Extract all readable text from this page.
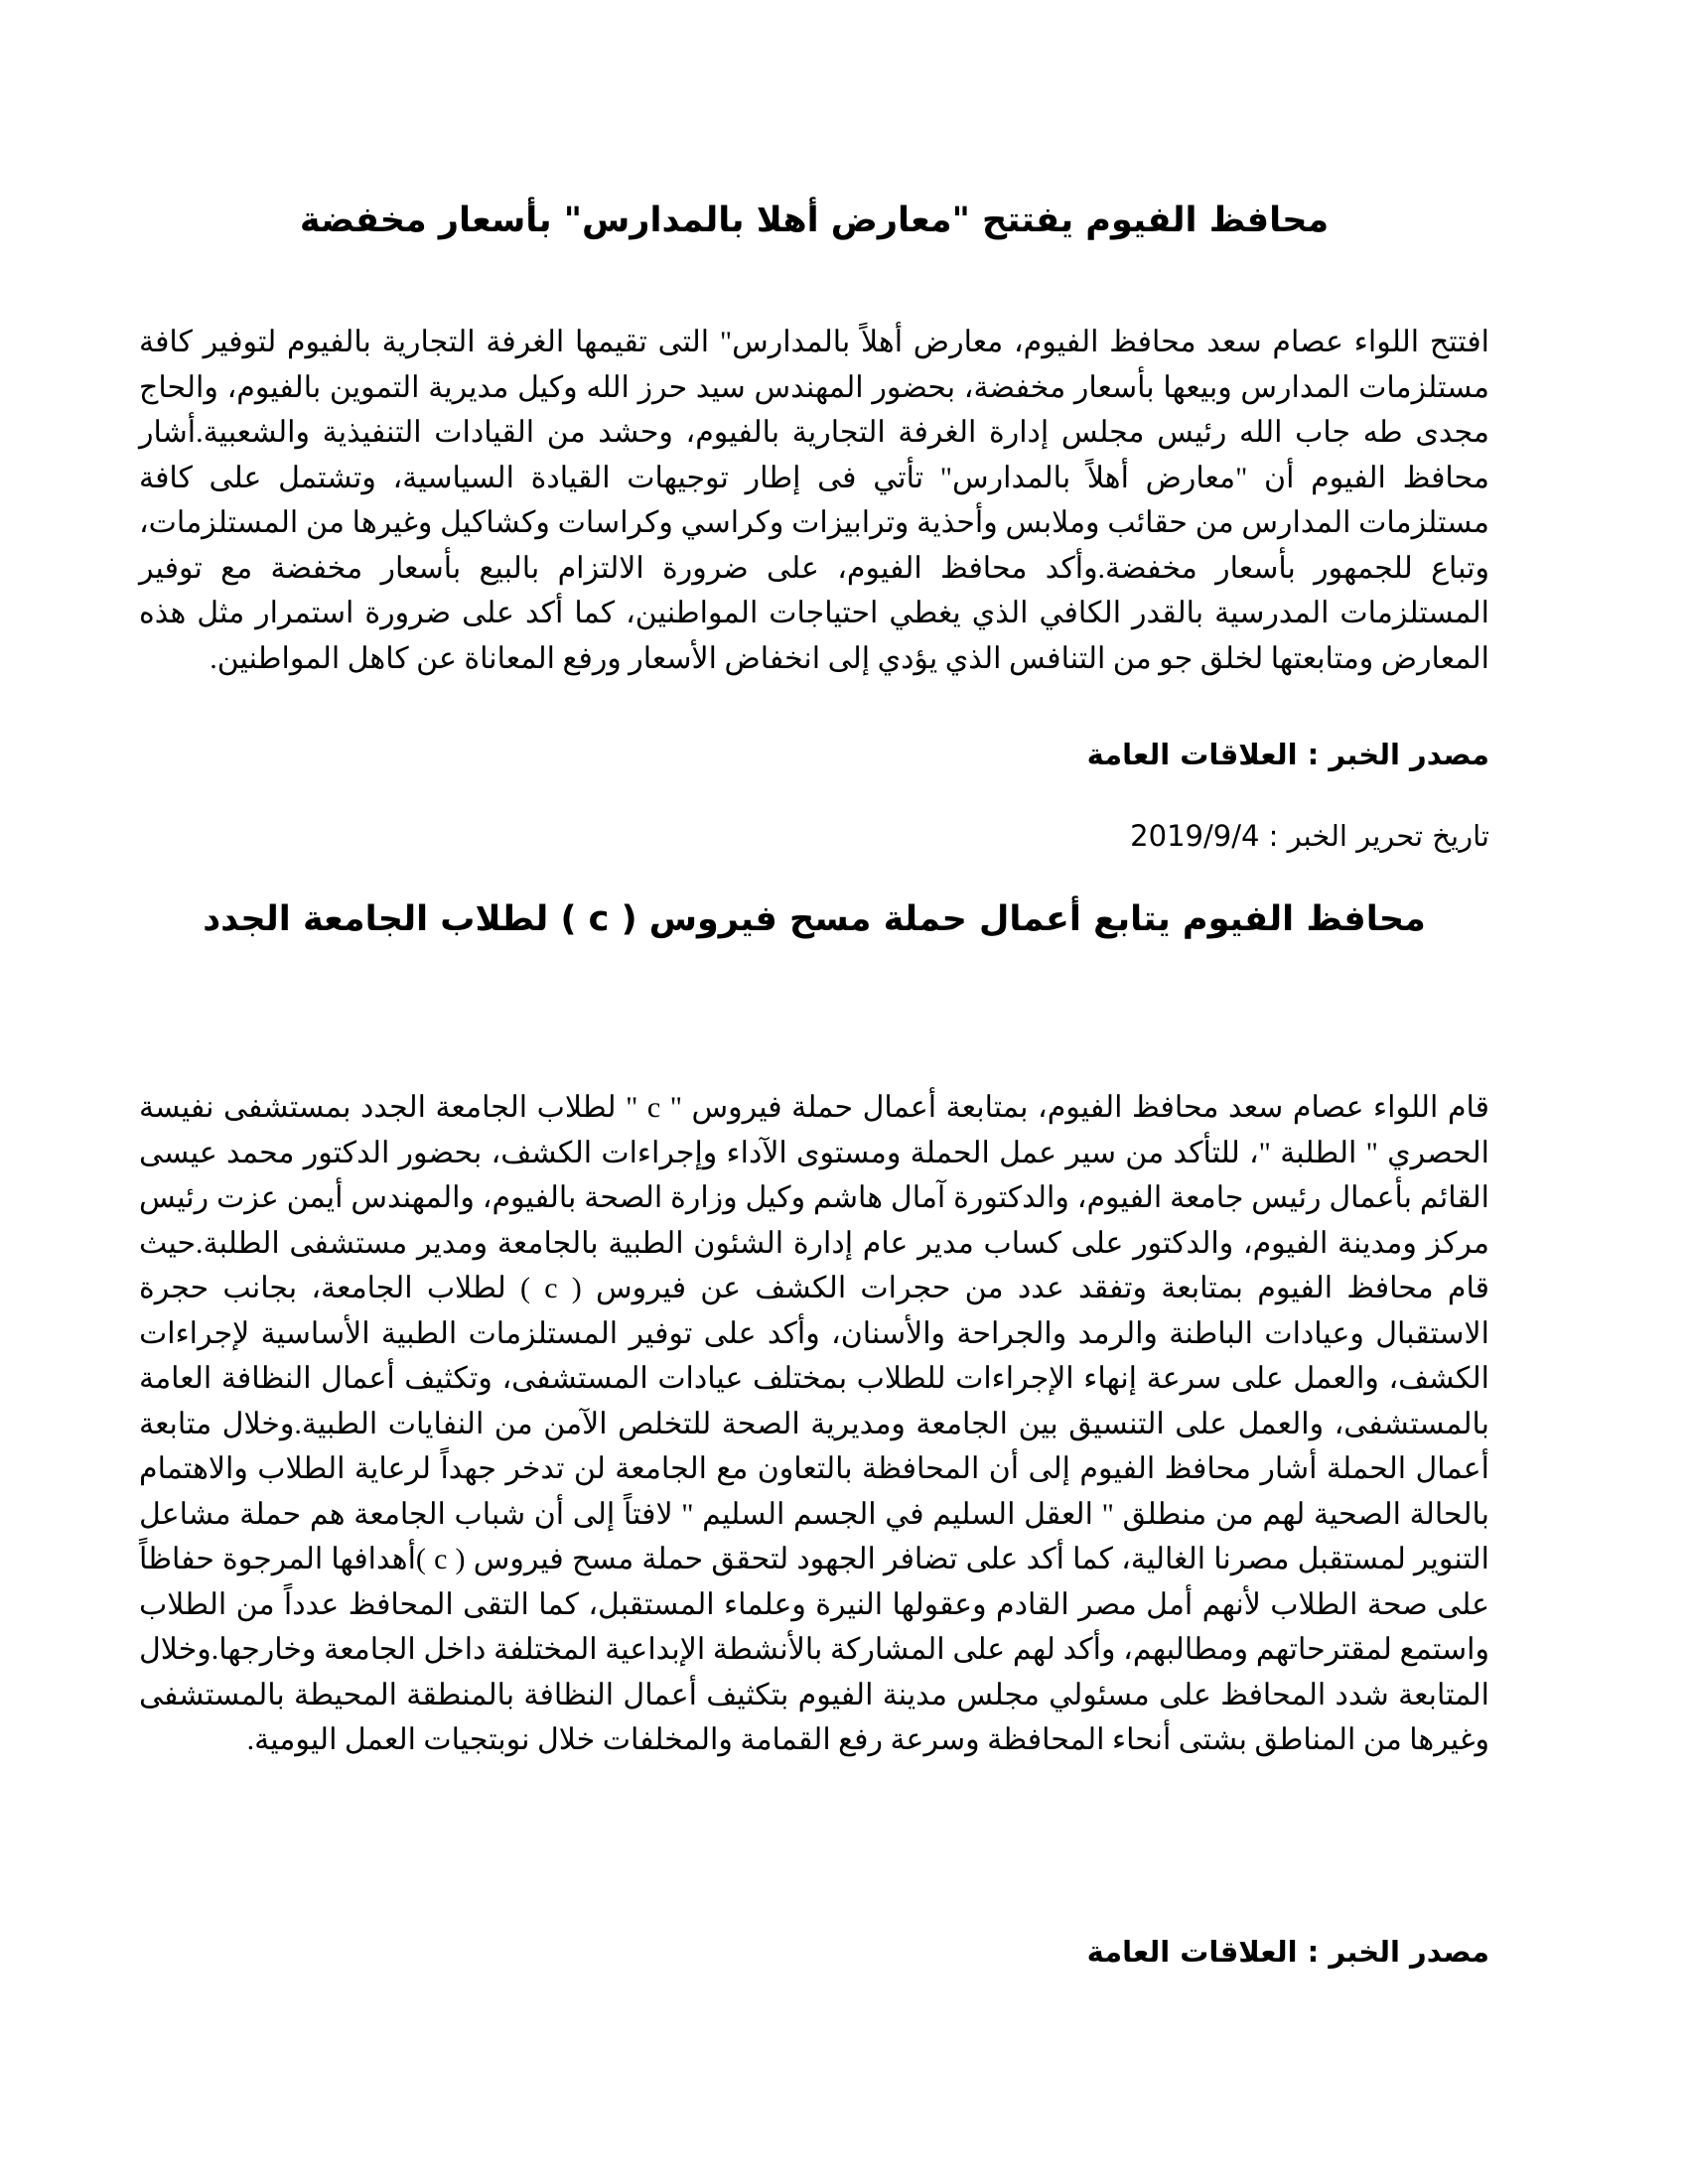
محافظ الفيوم يفتتح "معارض أهلا بالمدارس" بأسعار مخفضة

افتتح اللواء عصام سعد محافظ الفيوم، معارض أهلاً بالمدارس" التى تقيمها الغرفة التجارية بالفيوم لتوفير كافة مستلزمات المدارس وبيعها بأسعار مخفضة، بحضور المهندس سيد حرز الله وكيل مديرية التموين بالفيوم، والحاج مجدى طه جاب الله رئيس مجلس إدارة الغرفة التجارية بالفيوم، وحشد من القيادات التنفيذية والشعبية.أشار محافظ الفيوم أن "معارض أهلاً بالمدارس" تأتي فى إطار توجيهات القيادة السياسية، وتشتمل على كافة مستلزمات المدارس من حقائب وملابس وأحذية وترابيزات وكراسي وكراسات وكشاكيل وغيرها من المستلزمات، وتباع للجمهور بأسعار مخفضة.وأكد محافظ الفيوم، على ضرورة الالتزام بالبيع بأسعار مخفضة مع توفير المستلزمات المدرسية بالقدر الكافي الذي يغطي احتياجات المواطنين، كما أكد على ضرورة استمرار مثل هذه المعارض ومتابعتها لخلق جو من التنافس الذي يؤدي إلى انخفاض الأسعار ورفع المعاناة عن كاهل المواطنين.

مصدر الخبر : العلاقات العامة

تاريخ تحرير الخبر : 2019/9/4

محافظ الفيوم يتابع أعمال حملة مسح فيروس ( c ) لطلاب الجامعة الجدد

قام اللواء عصام سعد محافظ الفيوم، بمتابعة أعمال حملة فيروس " c " لطلاب الجامعة الجدد بمستشفى نفيسة الحصري " الطلبة "، للتأكد من سير عمل الحملة ومستوى الآداء وإجراءات الكشف، بحضور الدكتور محمد عيسى القائم بأعمال رئيس جامعة الفيوم، والدكتورة آمال هاشم وكيل وزارة الصحة بالفيوم، والمهندس أيمن عزت رئيس مركز ومدينة الفيوم، والدكتور على كساب مدير عام إدارة الشئون الطبية بالجامعة ومدير مستشفى الطلبة.حيث قام محافظ الفيوم بمتابعة وتفقد عدد من حجرات الكشف عن فيروس ( c ) لطلاب الجامعة، بجانب حجرة الاستقبال وعيادات الباطنة والرمد والجراحة والأسنان، وأكد على توفير المستلزمات الطبية الأساسية لإجراءات الكشف، والعمل على سرعة إنهاء الإجراءات للطلاب بمختلف عيادات المستشفى، وتكثيف أعمال النظافة العامة بالمستشفى، والعمل على التنسيق بين الجامعة ومديرية الصحة للتخلص الآمن من النفايات الطبية.وخلال متابعة أعمال الحملة أشار محافظ الفيوم إلى أن المحافظة بالتعاون مع الجامعة لن تدخر جهداً لرعاية الطلاب والاهتمام بالحالة الصحية لهم من منطلق " العقل السليم في الجسم السليم " لافتاً إلى أن شباب الجامعة هم حملة مشاعل التنوير لمستقبل مصرنا الغالية، كما أكد على تضافر الجهود لتحقق حملة مسح فيروس ( c )أهدافها المرجوة حفاظاً على صحة الطلاب لأنهم أمل مصر القادم وعقولها النيرة وعلماء المستقبل، كما التقى المحافظ عدداً من الطلاب واستمع لمقترحاتهم ومطالبهم، وأكد لهم على المشاركة بالأنشطة الإبداعية المختلفة داخل الجامعة وخارجها.وخلال المتابعة شدد المحافظ على مسئولي مجلس مدينة الفيوم بتكثيف أعمال النظافة بالمنطقة المحيطة بالمستشفى وغيرها من المناطق بشتى أنحاء المحافظة وسرعة رفع القمامة والمخلفات خلال نوبتجيات العمل اليومية.

مصدر الخبر : العلاقات العامة
